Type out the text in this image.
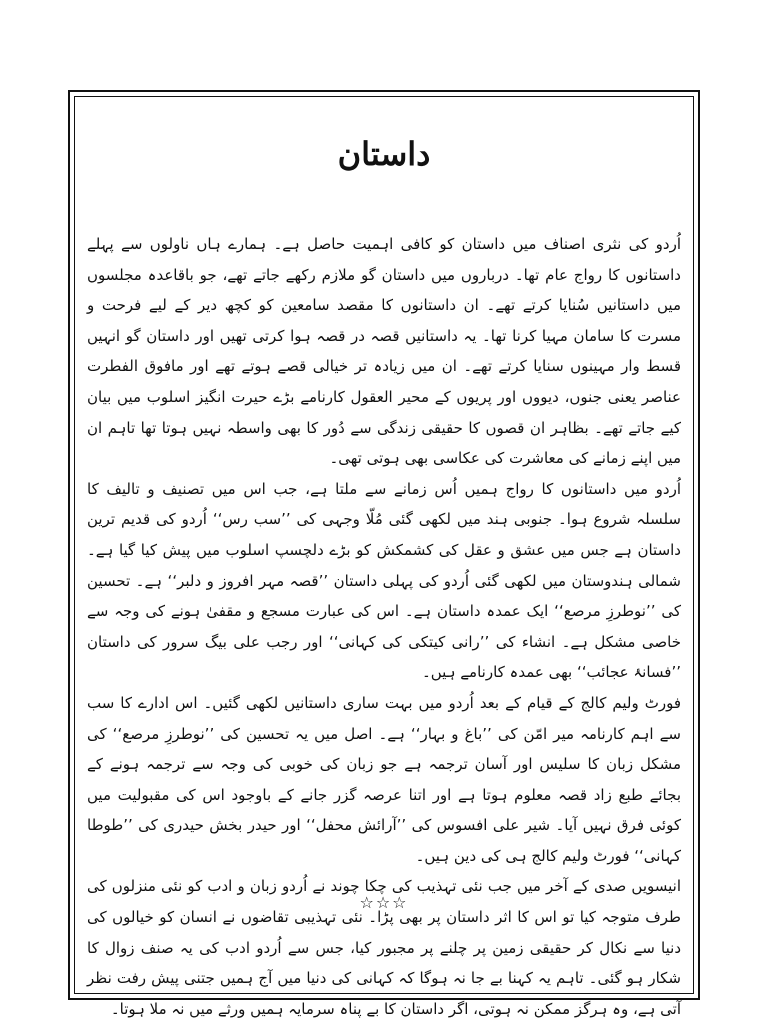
داستان

اُردو کی نثری اصناف میں داستان کو کافی اہمیت حاصل ہے۔ ہمارے ہاں ناولوں سے پہلے داستانوں کا رواج عام تھا۔ درباروں میں داستان گو ملازم رکھے جاتے تھے، جو باقاعدہ مجلسوں میں داستانیں سُنایا کرتے تھے۔ ان داستانوں کا مقصد سامعین کو کچھ دیر کے لیے فرحت و مسرت کا سامان مہیا کرنا تھا۔ یہ داستانیں قصہ در قصہ ہوا کرتی تھیں اور داستان گو انہیں قسط وار مہینوں سنایا کرتے تھے۔ ان میں زیادہ تر خیالی قصے ہوتے تھے اور مافوق الفطرت عناصر یعنی جنوں، دیووں اور پریوں کے محیر العقول کارنامے بڑے حیرت انگیز اسلوب میں بیان کیے جاتے تھے۔ بظاہر ان قصوں کا حقیقی زندگی سے دُور کا بھی واسطہ نہیں ہوتا تھا تاہم ان میں اپنے زمانے کی معاشرت کی عکاسی بھی ہوتی تھی۔

اُردو میں داستانوں کا رواج ہمیں اُس زمانے سے ملتا ہے، جب اس میں تصنیف و تالیف کا سلسلہ شروع ہوا۔ جنوبی ہند میں لکھی گئی مُلّا وجہی کی ’’سب رس‘‘ اُردو کی قدیم ترین داستان ہے جس میں عشق و عقل کی کشمکش کو بڑے دلچسپ اسلوب میں پیش کیا گیا ہے۔ شمالی ہندوستان میں لکھی گئی اُردو کی پہلی داستان ’’قصہ مہر افروز و دلبر‘‘ ہے۔ تحسین کی ’’نوطرزِ مرصع‘‘ ایک عمدہ داستان ہے۔ اس کی عبارت مسجع و مقفیٰ ہونے کی وجہ سے خاصی مشکل ہے۔ انشاء کی ’’رانی کیتکی کی کہانی‘‘ اور رجب علی بیگ سرور کی داستان ’’فسانۂ عجائب‘‘ بھی عمدہ کارنامے ہیں۔

فورٹ ولیم کالج کے قیام کے بعد اُردو میں بہت ساری داستانیں لکھی گئیں۔ اس ادارے کا سب سے اہم کارنامہ میر امّن کی ’’باغ و بہار‘‘ ہے۔ اصل میں یہ تحسین کی ’’نوطرزِ مرصع‘‘ کی مشکل زبان کا سلیس اور آسان ترجمہ ہے جو زبان کی خوبی کی وجہ سے ترجمہ ہونے کے بجائے طبع زاد قصہ معلوم ہوتا ہے اور اتنا عرصہ گزر جانے کے باوجود اس کی مقبولیت میں کوئی فرق نہیں آیا۔ شیر علی افسوس کی ’’آرائش محفل‘‘ اور حیدر بخش حیدری کی ’’طوطا کہانی‘‘ فورٹ ولیم کالج ہی کی دین ہیں۔

انیسویں صدی کے آخر میں جب نئی تہذیب کی چکا چوند نے اُردو زبان و ادب کو نئی منزلوں کی طرف متوجہ کیا تو اس کا اثر داستان پر بھی پڑا۔ نئی تہذیبی تقاضوں نے انسان کو خیالوں کی دنیا سے نکال کر حقیقی زمین پر چلنے پر مجبور کیا، جس سے اُردو ادب کی یہ صنف زوال کا شکار ہو گئی۔ تاہم یہ کہنا بے جا نہ ہوگا کہ کہانی کی دنیا میں آج ہمیں جتنی پیش رفت نظر آتی ہے، وہ ہرگز ممکن نہ ہوتی، اگر داستان کا بے پناہ سرمایہ ہمیں ورثے میں نہ ملا ہوتا۔

☆☆☆
